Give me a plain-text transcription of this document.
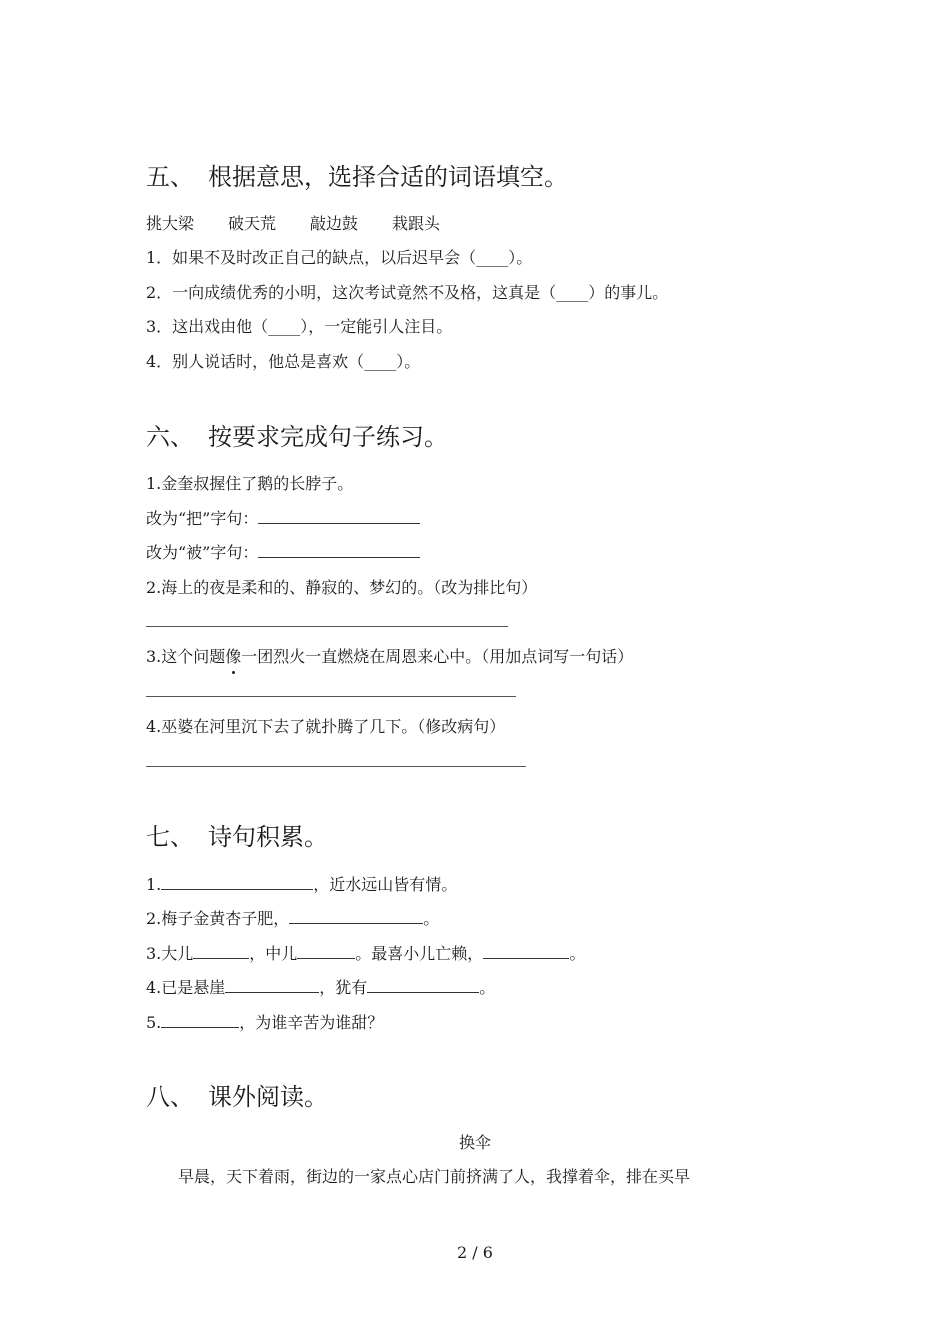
五、 根据意思，选择合适的词语填空。
挑大梁 破天荒 敲边鼓 栽跟头
1．如果不及时改正自己的缺点，以后迟早会（____）。
2．一向成绩优秀的小明，这次考试竟然不及格，这真是（____）的事儿。
3．这出戏由他（____），一定能引人注目。
4．别人说话时，他总是喜欢（____）。
六、 按要求完成句子练习。
1.金奎叔握住了鹅的长脖子。
改为“把”字句：
改为“被”字句：
2.海上的夜是柔和的、静寂的、梦幻的。（改为排比句）
3.这个问题像一团烈火一直燃烧在周恩来心中。（用加点词写一句话）
4.巫婆在河里沉下去了就扑腾了几下。（修改病句）
七、 诗句积累。
1.	，近水远山皆有情。
2.梅子金黄杏子肥，	。
3.大儿	，中儿	。最喜小儿亡赖，	。
4.已是悬崖	，犹有	。
5.	，为谁辛苦为谁甜？
八、 课外阅读。
换伞
早晨，天下着雨，街边的一家点心店门前挤满了人，我撑着伞，排在买早
2 / 6
